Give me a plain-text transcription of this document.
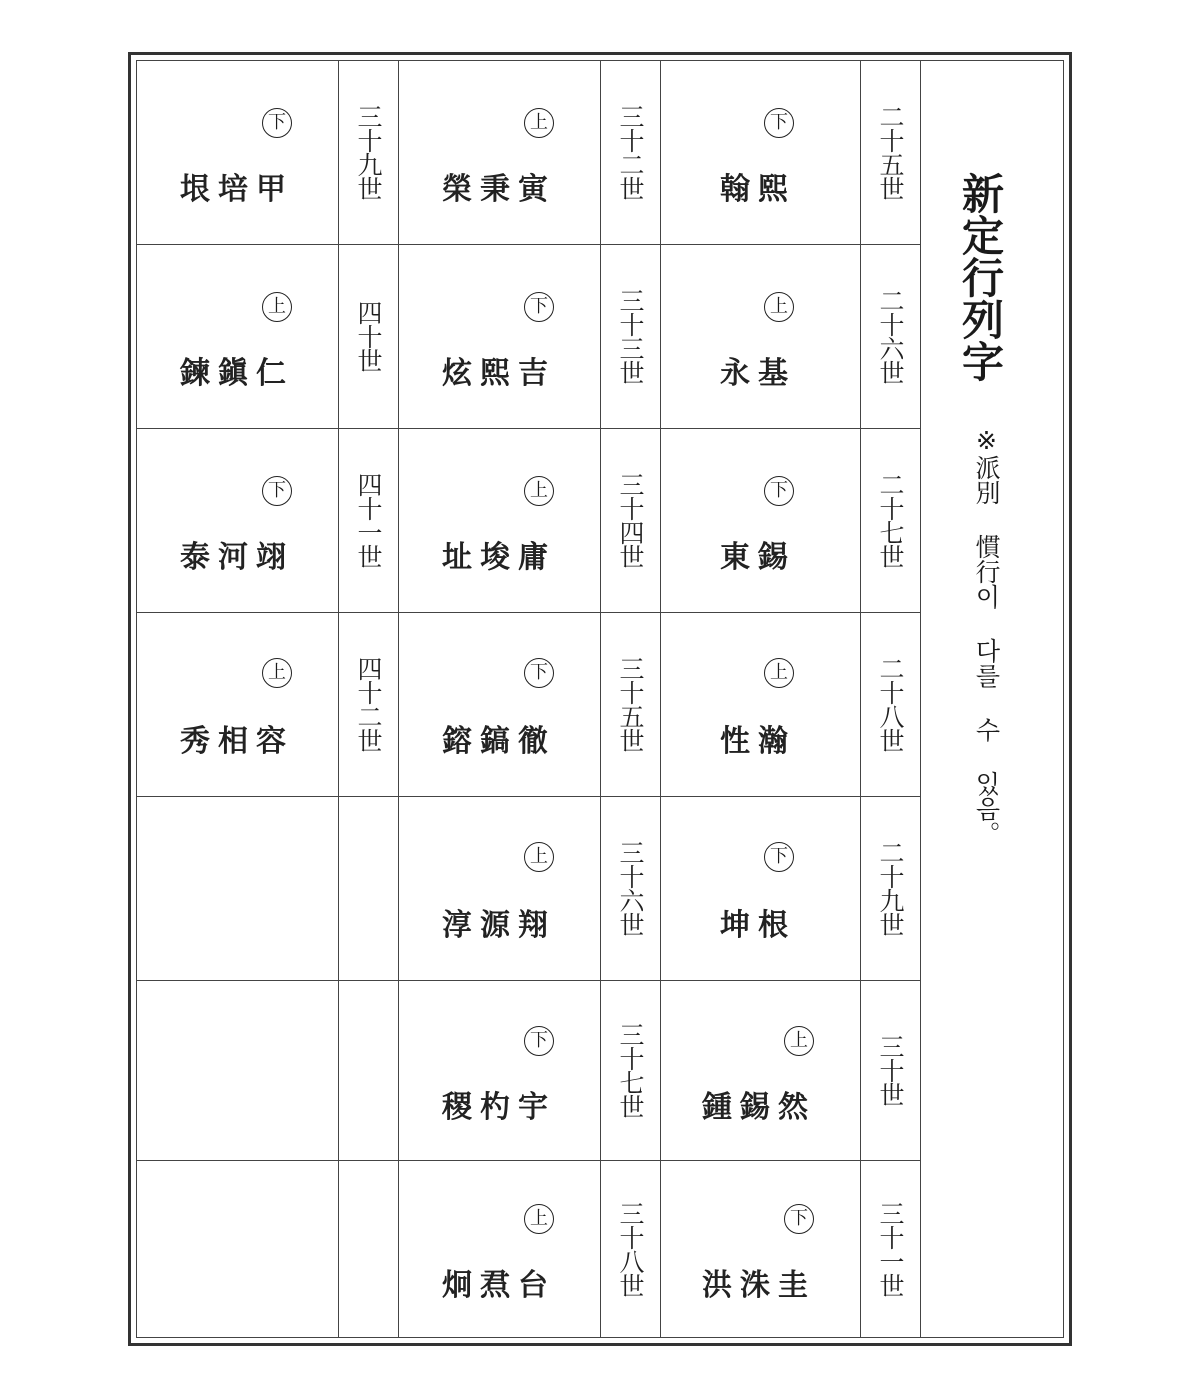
新定行列字
※派別 慣行이 다를 수 있음。
二十五世
下
翰熙
二十六世
上
永基
二十七世
下
東錫
二十八世
上
性瀚
二十九世
下
坤根
三十世
上
鍾錫然
三十一世
下
洪洙圭
三十二世
上
榮秉寅
三十三世
下
炫熙吉
三十四世
上
址埈庸
三十五世
下
鎔鎬徹
三十六世
上
淳源翔
三十七世
下
稷杓宇
三十八世
上
炯焄台
三十九世
下
垠培甲
四十世
上
鍊鎭仁
四十一世
下
泰河翊
四十二世
上
秀相容
